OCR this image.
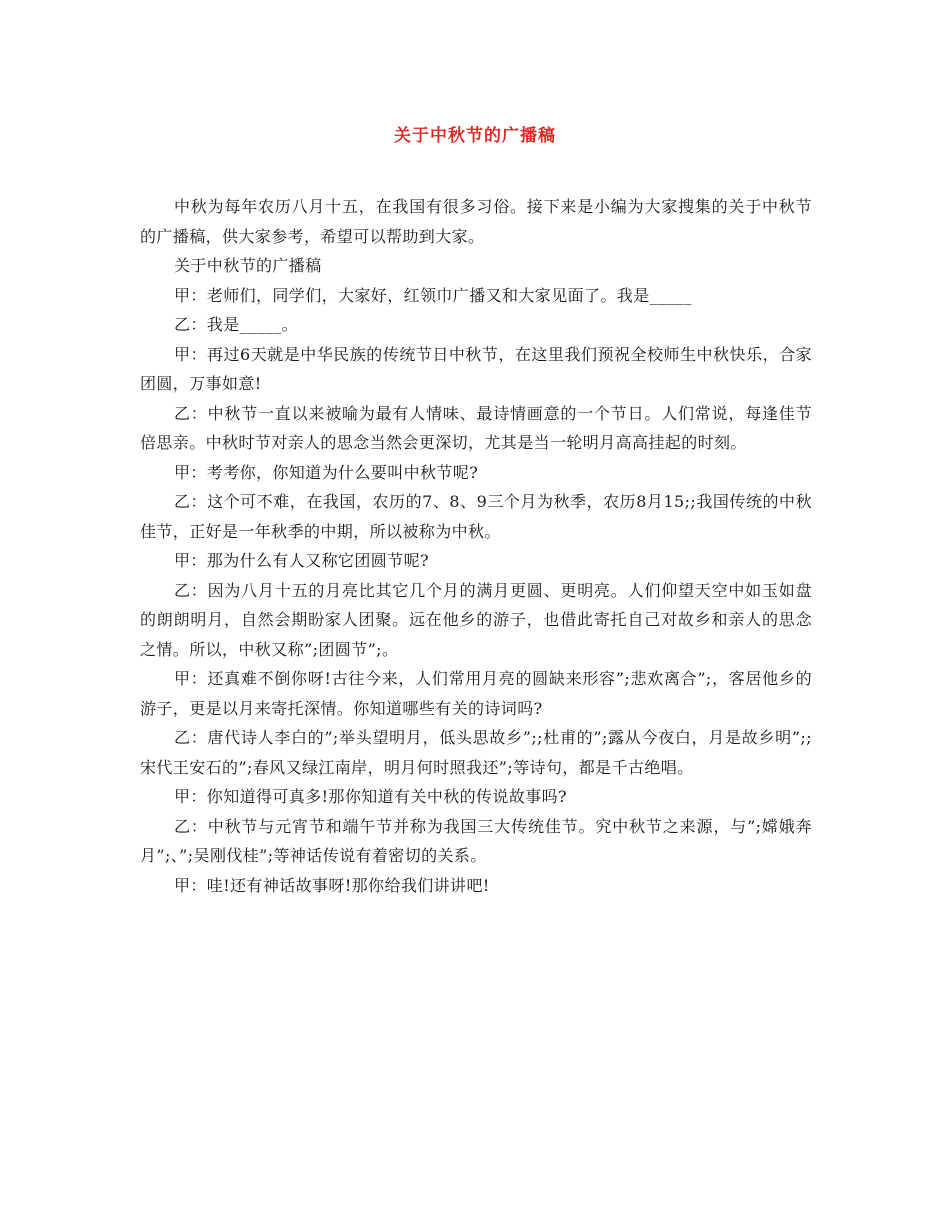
关于中秋节的广播稿

中秋为每年农历八月十五，在我国有很多习俗。接下来是小编为大家搜集的关于中秋节的广播稿，供大家参考，希望可以帮助到大家。

关于中秋节的广播稿

甲：老师们，同学们，大家好，红领巾广播又和大家见面了。我是_____

乙：我是_____。

甲：再过6天就是中华民族的传统节日中秋节，在这里我们预祝全校师生中秋快乐，合家团圆，万事如意!

乙：中秋节一直以来被喻为最有人情味、最诗情画意的一个节日。人们常说，每逢佳节倍思亲。中秋时节对亲人的思念当然会更深切，尤其是当一轮明月高高挂起的时刻。

甲：考考你，你知道为什么要叫中秋节呢?

乙：这个可不难，在我国，农历的7、8、9三个月为秋季，农历8月15;;我国传统的中秋佳节，正好是一年秋季的中期，所以被称为中秋。

甲：那为什么有人又称它团圆节呢?

乙：因为八月十五的月亮比其它几个月的满月更圆、更明亮。人们仰望天空中如玉如盘的朗朗明月，自然会期盼家人团聚。远在他乡的游子，也借此寄托自己对故乡和亲人的思念之情。所以，中秋又称”;团圆节”;。

甲：还真难不倒你呀!古往今来，人们常用月亮的圆缺来形容”;悲欢离合”;，客居他乡的游子，更是以月来寄托深情。你知道哪些有关的诗词吗?

乙：唐代诗人李白的”;举头望明月，低头思故乡”;;杜甫的”;露从今夜白，月是故乡明”;;宋代王安石的”;春风又绿江南岸，明月何时照我还”;等诗句，都是千古绝唱。

甲：你知道得可真多!那你知道有关中秋的传说故事吗?

乙：中秋节与元宵节和端午节并称为我国三大传统佳节。究中秋节之来源，与”;嫦娥奔月”;、”;吴刚伐桂”;等神话传说有着密切的关系。

甲：哇!还有神话故事呀!那你给我们讲讲吧!
